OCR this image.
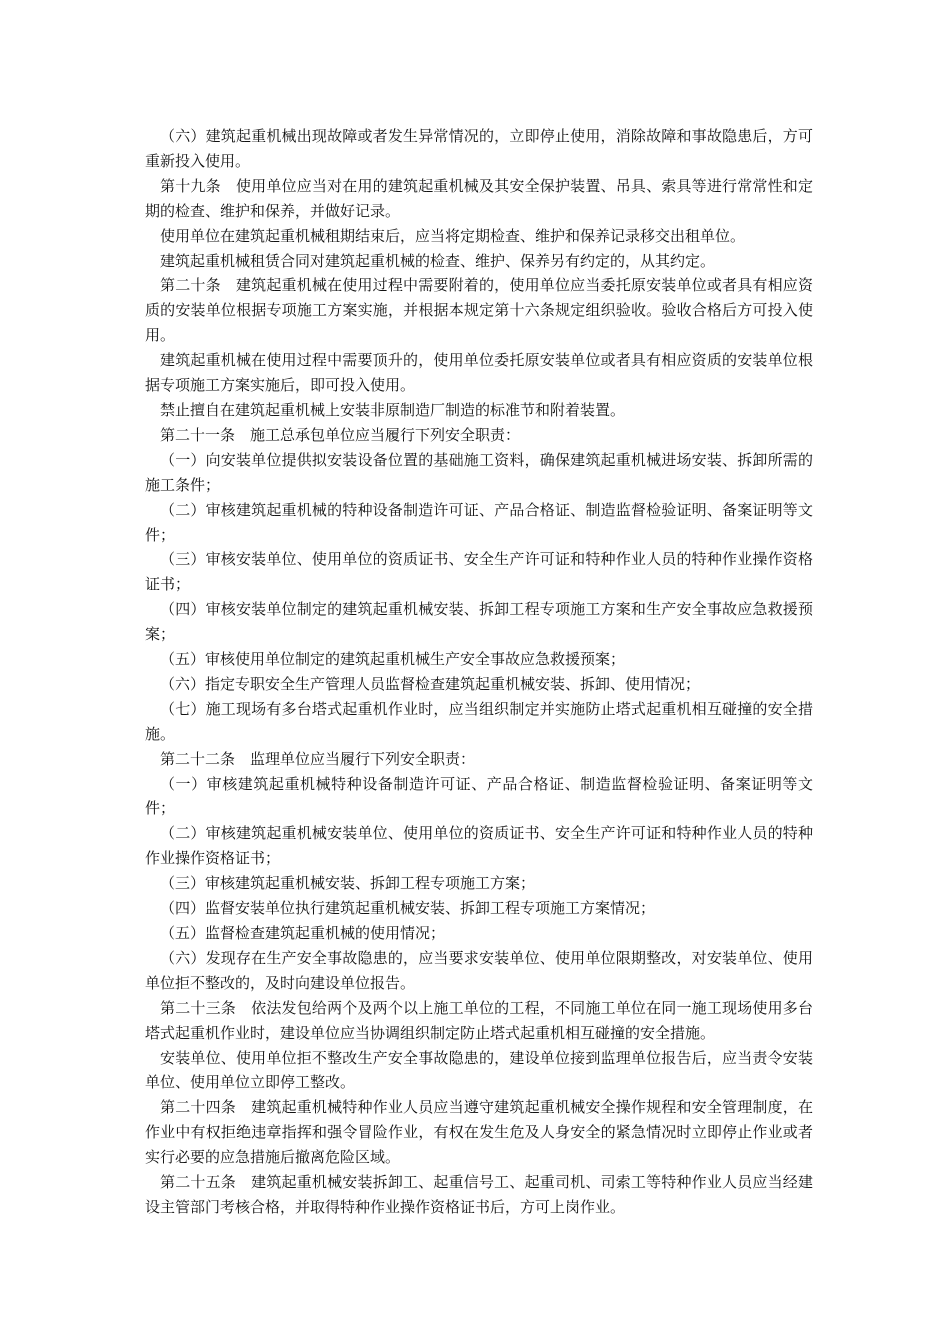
（六）建筑起重机械出现故障或者发生异常情况的，立即停止使用，消除故障和事故隐患后，方可重新投入使用。

第十九条　使用单位应当对在用的建筑起重机械及其安全保护装置、吊具、索具等进行常常性和定期的检查、维护和保养，并做好记录。

使用单位在建筑起重机械租期结束后，应当将定期检查、维护和保养记录移交出租单位。

建筑起重机械租赁合同对建筑起重机械的检查、维护、保养另有约定的，从其约定。

第二十条　建筑起重机械在使用过程中需要附着的，使用单位应当委托原安装单位或者具有相应资质的安装单位根据专项施工方案实施，并根据本规定第十六条规定组织验收。验收合格后方可投入使用。

建筑起重机械在使用过程中需要顶升的，使用单位委托原安装单位或者具有相应资质的安装单位根据专项施工方案实施后，即可投入使用。

禁止擅自在建筑起重机械上安装非原制造厂制造的标准节和附着装置。

第二十一条　施工总承包单位应当履行下列安全职责：

（一）向安装单位提供拟安装设备位置的基础施工资料，确保建筑起重机械进场安装、拆卸所需的施工条件；

（二）审核建筑起重机械的特种设备制造许可证、产品合格证、制造监督检验证明、备案证明等文件；

（三）审核安装单位、使用单位的资质证书、安全生产许可证和特种作业人员的特种作业操作资格证书；

（四）审核安装单位制定的建筑起重机械安装、拆卸工程专项施工方案和生产安全事故应急救援预案；

（五）审核使用单位制定的建筑起重机械生产安全事故应急救援预案；

（六）指定专职安全生产管理人员监督检查建筑起重机械安装、拆卸、使用情况；

（七）施工现场有多台塔式起重机作业时，应当组织制定并实施防止塔式起重机相互碰撞的安全措施。

第二十二条　监理单位应当履行下列安全职责：

（一）审核建筑起重机械特种设备制造许可证、产品合格证、制造监督检验证明、备案证明等文件；

（二）审核建筑起重机械安装单位、使用单位的资质证书、安全生产许可证和特种作业人员的特种作业操作资格证书；

（三）审核建筑起重机械安装、拆卸工程专项施工方案；

（四）监督安装单位执行建筑起重机械安装、拆卸工程专项施工方案情况；

（五）监督检查建筑起重机械的使用情况；

（六）发现存在生产安全事故隐患的，应当要求安装单位、使用单位限期整改，对安装单位、使用单位拒不整改的，及时向建设单位报告。

第二十三条　依法发包给两个及两个以上施工单位的工程，不同施工单位在同一施工现场使用多台塔式起重机作业时，建设单位应当协调组织制定防止塔式起重机相互碰撞的安全措施。

安装单位、使用单位拒不整改生产安全事故隐患的，建设单位接到监理单位报告后，应当责令安装单位、使用单位立即停工整改。

第二十四条　建筑起重机械特种作业人员应当遵守建筑起重机械安全操作规程和安全管理制度，在作业中有权拒绝违章指挥和强令冒险作业，有权在发生危及人身安全的紧急情况时立即停止作业或者实行必要的应急措施后撤离危险区域。

第二十五条　建筑起重机械安装拆卸工、起重信号工、起重司机、司索工等特种作业人员应当经建设主管部门考核合格，并取得特种作业操作资格证书后，方可上岗作业。
